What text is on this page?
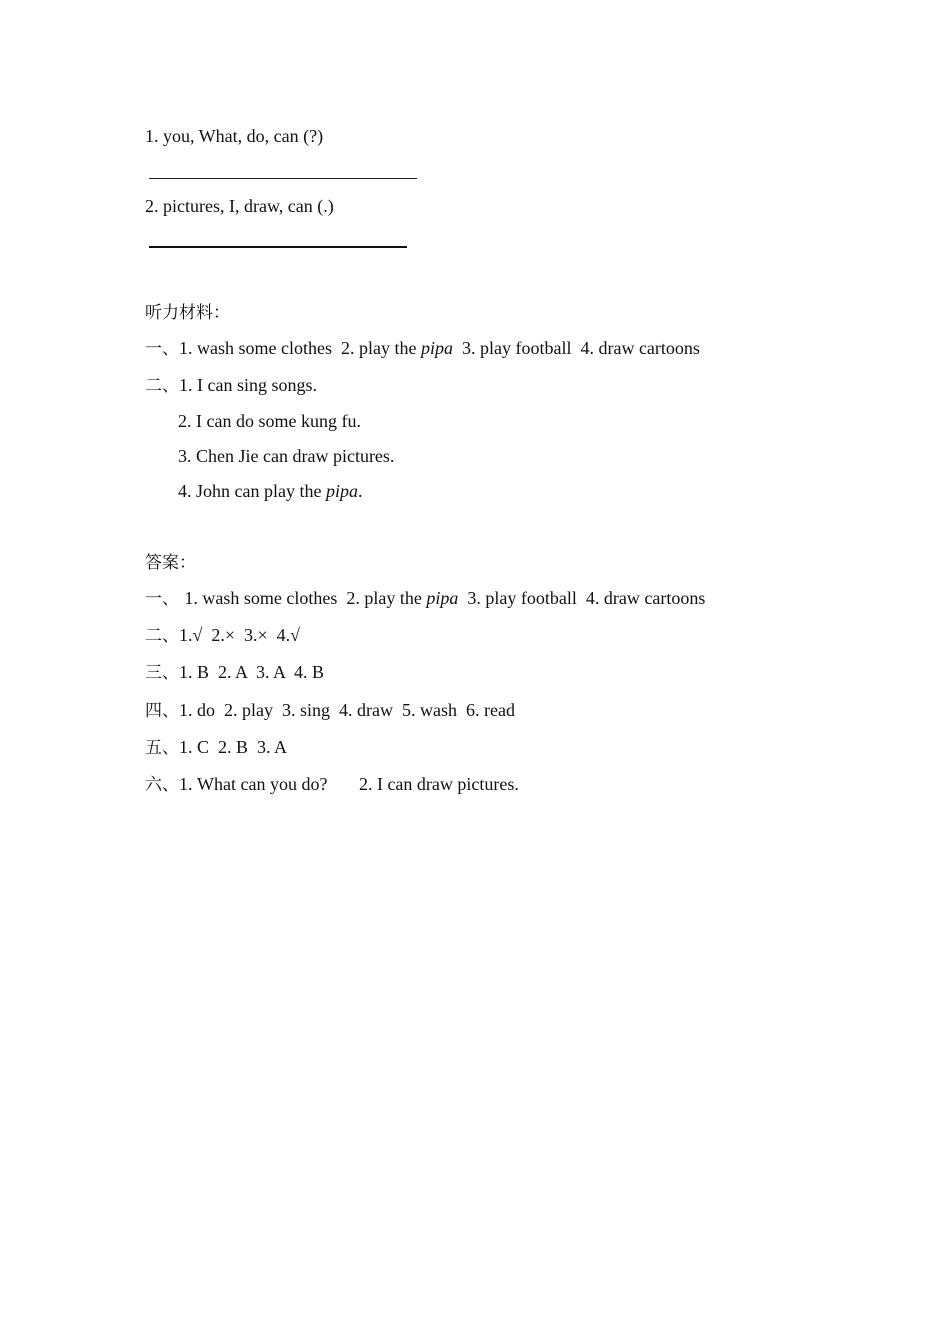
1. you, What, do, can (?)
2. pictures, I, draw, can (.)
听力材料：
一、1. wash some clothes  2. play the pipa  3. play football  4. draw cartoons
二、1. I can sing songs.
2. I can do some kung fu.
3. Chen Jie can draw pictures.
4. John can play the pipa.
答案：
一、 1. wash some clothes  2. play the pipa  3. play football  4. draw cartoons
二、1.√  2.×  3.×  4.√
三、1. B  2. A  3. A  4. B
四、1. do  2. play  3. sing  4. draw  5. wash  6. read
五、1. C  2. B  3. A
六、1. What can you do?       2. I can draw pictures.
